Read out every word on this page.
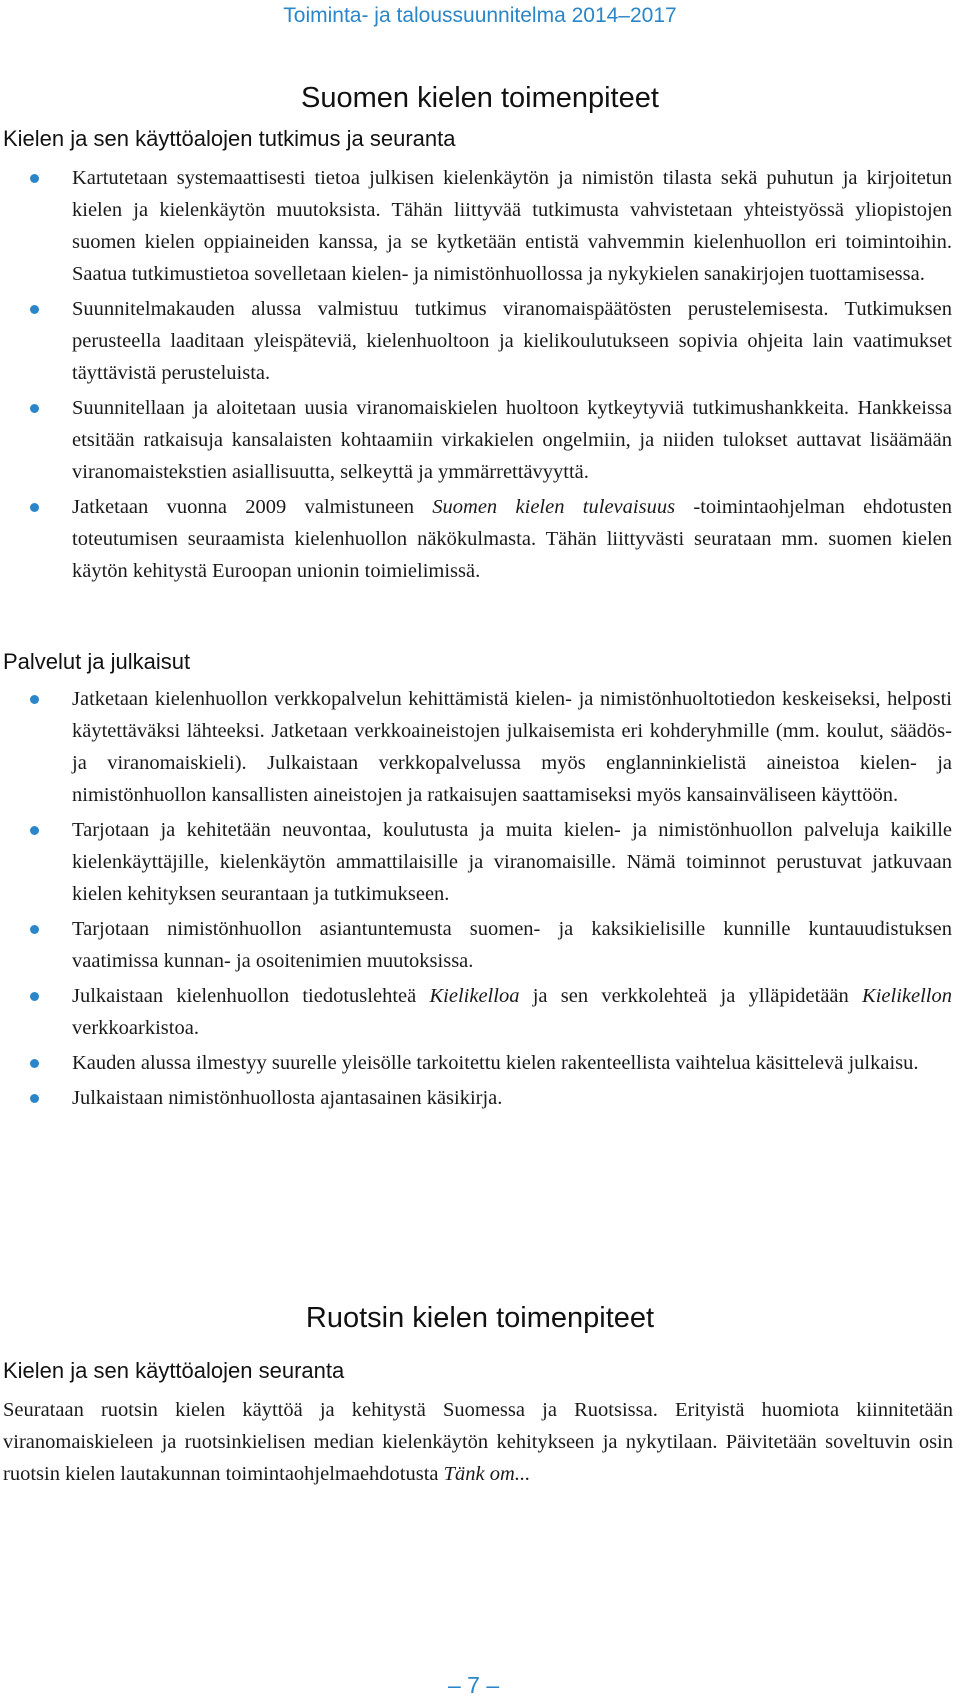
Toiminta- ja taloussuunnitelma 2014–2017
Suomen kielen toimenpiteet
Kielen ja sen käyttöalojen tutkimus ja seuranta

Kartutetaan systemaattisesti tietoa julkisen kielenkäytön ja nimistön tilasta sekä puhutun ja kirjoitetun kielen ja kielenkäytön muutoksista. Tähän liittyvää tutkimusta vahvistetaan yhteistyössä yliopistojen suomen kielen oppiaineiden kanssa, ja se kytketään entistä vahvemmin kielenhuollon eri toimintoihin. Saatua tutkimustietoa sovelletaan kielen- ja nimistönhuollossa ja nykykielen sanakirjojen tuottamisessa.

Suunnitelmakauden alussa valmistuu tutkimus viranomaispäätösten perustelemisesta. Tutkimuksen perusteella laaditaan yleispäteviä, kielenhuoltoon ja kielikoulutukseen sopivia ohjeita lain vaatimukset täyttävistä perusteluista.

Suunnitellaan ja aloitetaan uusia viranomaiskielen huoltoon kytkeytyviä tutkimushankkeita. Hankkeissa etsitään ratkaisuja kansalaisten kohtaamiin virkakielen ongelmiin, ja niiden tulokset auttavat lisäämään viranomaistekstien asiallisuutta, selkeyttä ja ymmärrettävyyttä.

Jatketaan vuonna 2009 valmistuneen Suomen kielen tulevaisuus -toimintaohjelman ehdotusten toteutumisen seuraamista kielenhuollon näkökulmasta. Tähän liittyvästi seurataan mm. suomen kielen käytön kehitystä Euroopan unionin toimielimissä.

Palvelut ja julkaisut

Jatketaan kielenhuollon verkkopalvelun kehittämistä kielen- ja nimistönhuoltotiedon keskeiseksi, helposti käytettäväksi lähteeksi. Jatketaan verkkoaineistojen julkaisemista eri kohderyhmille (mm. koulut, säädös- ja viranomaiskieli). Julkaistaan verkkopalvelussa myös englanninkielistä aineistoa kielen- ja nimistönhuollon kansallisten aineistojen ja ratkaisujen saattamiseksi myös kansainväliseen käyttöön.

Tarjotaan ja kehitetään neuvontaa, koulutusta ja muita kielen- ja nimistönhuollon palveluja kaikille kielenkäyttäjille, kielenkäytön ammattilaisille ja viranomaisille. Nämä toiminnot perustuvat jatkuvaan kielen kehityksen seurantaan ja tutkimukseen.

Tarjotaan nimistönhuollon asiantuntemusta suomen- ja kaksikielisille kunnille kuntauudistuksen vaatimissa kunnan- ja osoitenimien muutoksissa.

Julkaistaan kielenhuollon tiedotuslehteä Kielikelloa ja sen verkkolehteä ja ylläpidetään Kielikellon verkkoarkistoa.

Kauden alussa ilmestyy suurelle yleisölle tarkoitettu kielen rakenteellista vaihtelua käsittelevä julkaisu.

Julkaistaan nimistönhuollosta ajantasainen käsikirja.

Ruotsin kielen toimenpiteet
Kielen ja sen käyttöalojen seuranta

Seurataan ruotsin kielen käyttöä ja kehitystä Suomessa ja Ruotsissa. Erityistä huomiota kiinnitetään viranomaiskieleen ja ruotsinkielisen median kielenkäytön kehitykseen ja nykytilaan. Päivitetään soveltuvin osin ruotsin kielen lautakunnan toimintaohjelmaehdotusta Tänk om...

– 7 –
